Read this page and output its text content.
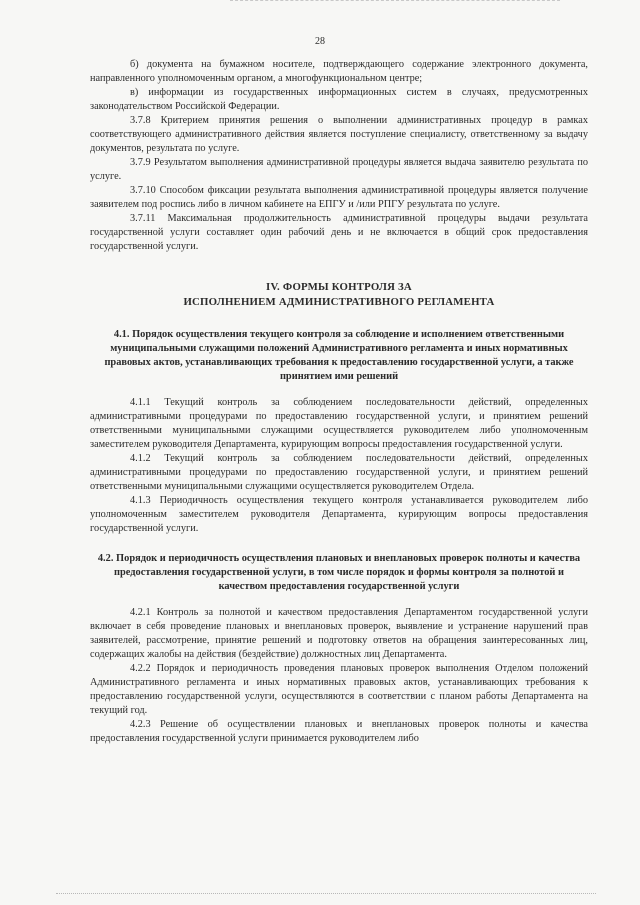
28

б) документа на бумажном носителе, подтверждающего содержание электронного документа, направленного уполномоченным органом, а многофункциональном центре;

в) информации из государственных информационных систем в случаях, предусмотренных законодательством Российской Федерации.

3.7.8 Критерием принятия решения о выполнении административных процедур в рамках соответствующего административного действия является поступление специалисту, ответственному за выдачу документов, результата по услуге.

3.7.9 Результатом выполнения административной процедуры является выдача заявителю результата по услуге.

3.7.10 Способом фиксации результата выполнения административной процедуры является получение заявителем под роспись либо в личном кабинете на ЕПГУ и /или РПГУ результата по услуге.

3.7.11 Максимальная продолжительность административной процедуры выдачи результата государственной услуги составляет один рабочий день и не включается в общий срок предоставления государственной услуги.

IV. ФОРМЫ КОНТРОЛЯ ЗА
ИСПОЛНЕНИЕМ АДМИНИСТРАТИВНОГО РЕГЛАМЕНТА
4.1. Порядок осуществления текущего контроля за соблюдение и исполнением ответственными муниципальными служащими положений Административного регламента и иных нормативных правовых актов, устанавливающих требования к предоставлению государственной услуги, а также принятием ими решений

4.1.1 Текущий контроль за соблюдением последовательности действий, определенных административными процедурами по предоставлению государственной услуги, и принятием решений ответственными муниципальными служащими осуществляется руководителем либо уполномоченным заместителем руководителя Департамента, курирующим вопросы предоставления государственной услуги.

4.1.2 Текущий контроль за соблюдением последовательности действий, определенных административными процедурами по предоставлению государственной услуги, и принятием решений ответственными муниципальными служащими осуществляется руководителем Отдела.

4.1.3 Периодичность осуществления текущего контроля устанавливается руководителем либо уполномоченным заместителем руководителя Департамента, курирующим вопросы предоставления государственной услуги.

4.2. Порядок и периодичность осуществления плановых и внеплановых проверок полноты и качества предоставления государственной услуги, в том числе порядок и формы контроля за полнотой и качеством предоставления государственной услуги

4.2.1 Контроль за полнотой и качеством предоставления Департаментом государственной услуги включает в себя проведение плановых и внеплановых проверок, выявление и устранение нарушений прав заявителей, рассмотрение, принятие решений и подготовку ответов на обращения заинтересованных лиц, содержащих жалобы на действия (бездействие) должностных лиц Департамента.

4.2.2 Порядок и периодичность проведения плановых проверок выполнения Отделом положений Административного регламента и иных нормативных правовых актов, устанавливающих требования к предоставлению государственной услуги, осуществляются в соответствии с планом работы Департамента на текущий год.

4.2.3 Решение об осуществлении плановых и внеплановых проверок полноты и качества предоставления государственной услуги принимается руководителем либо
